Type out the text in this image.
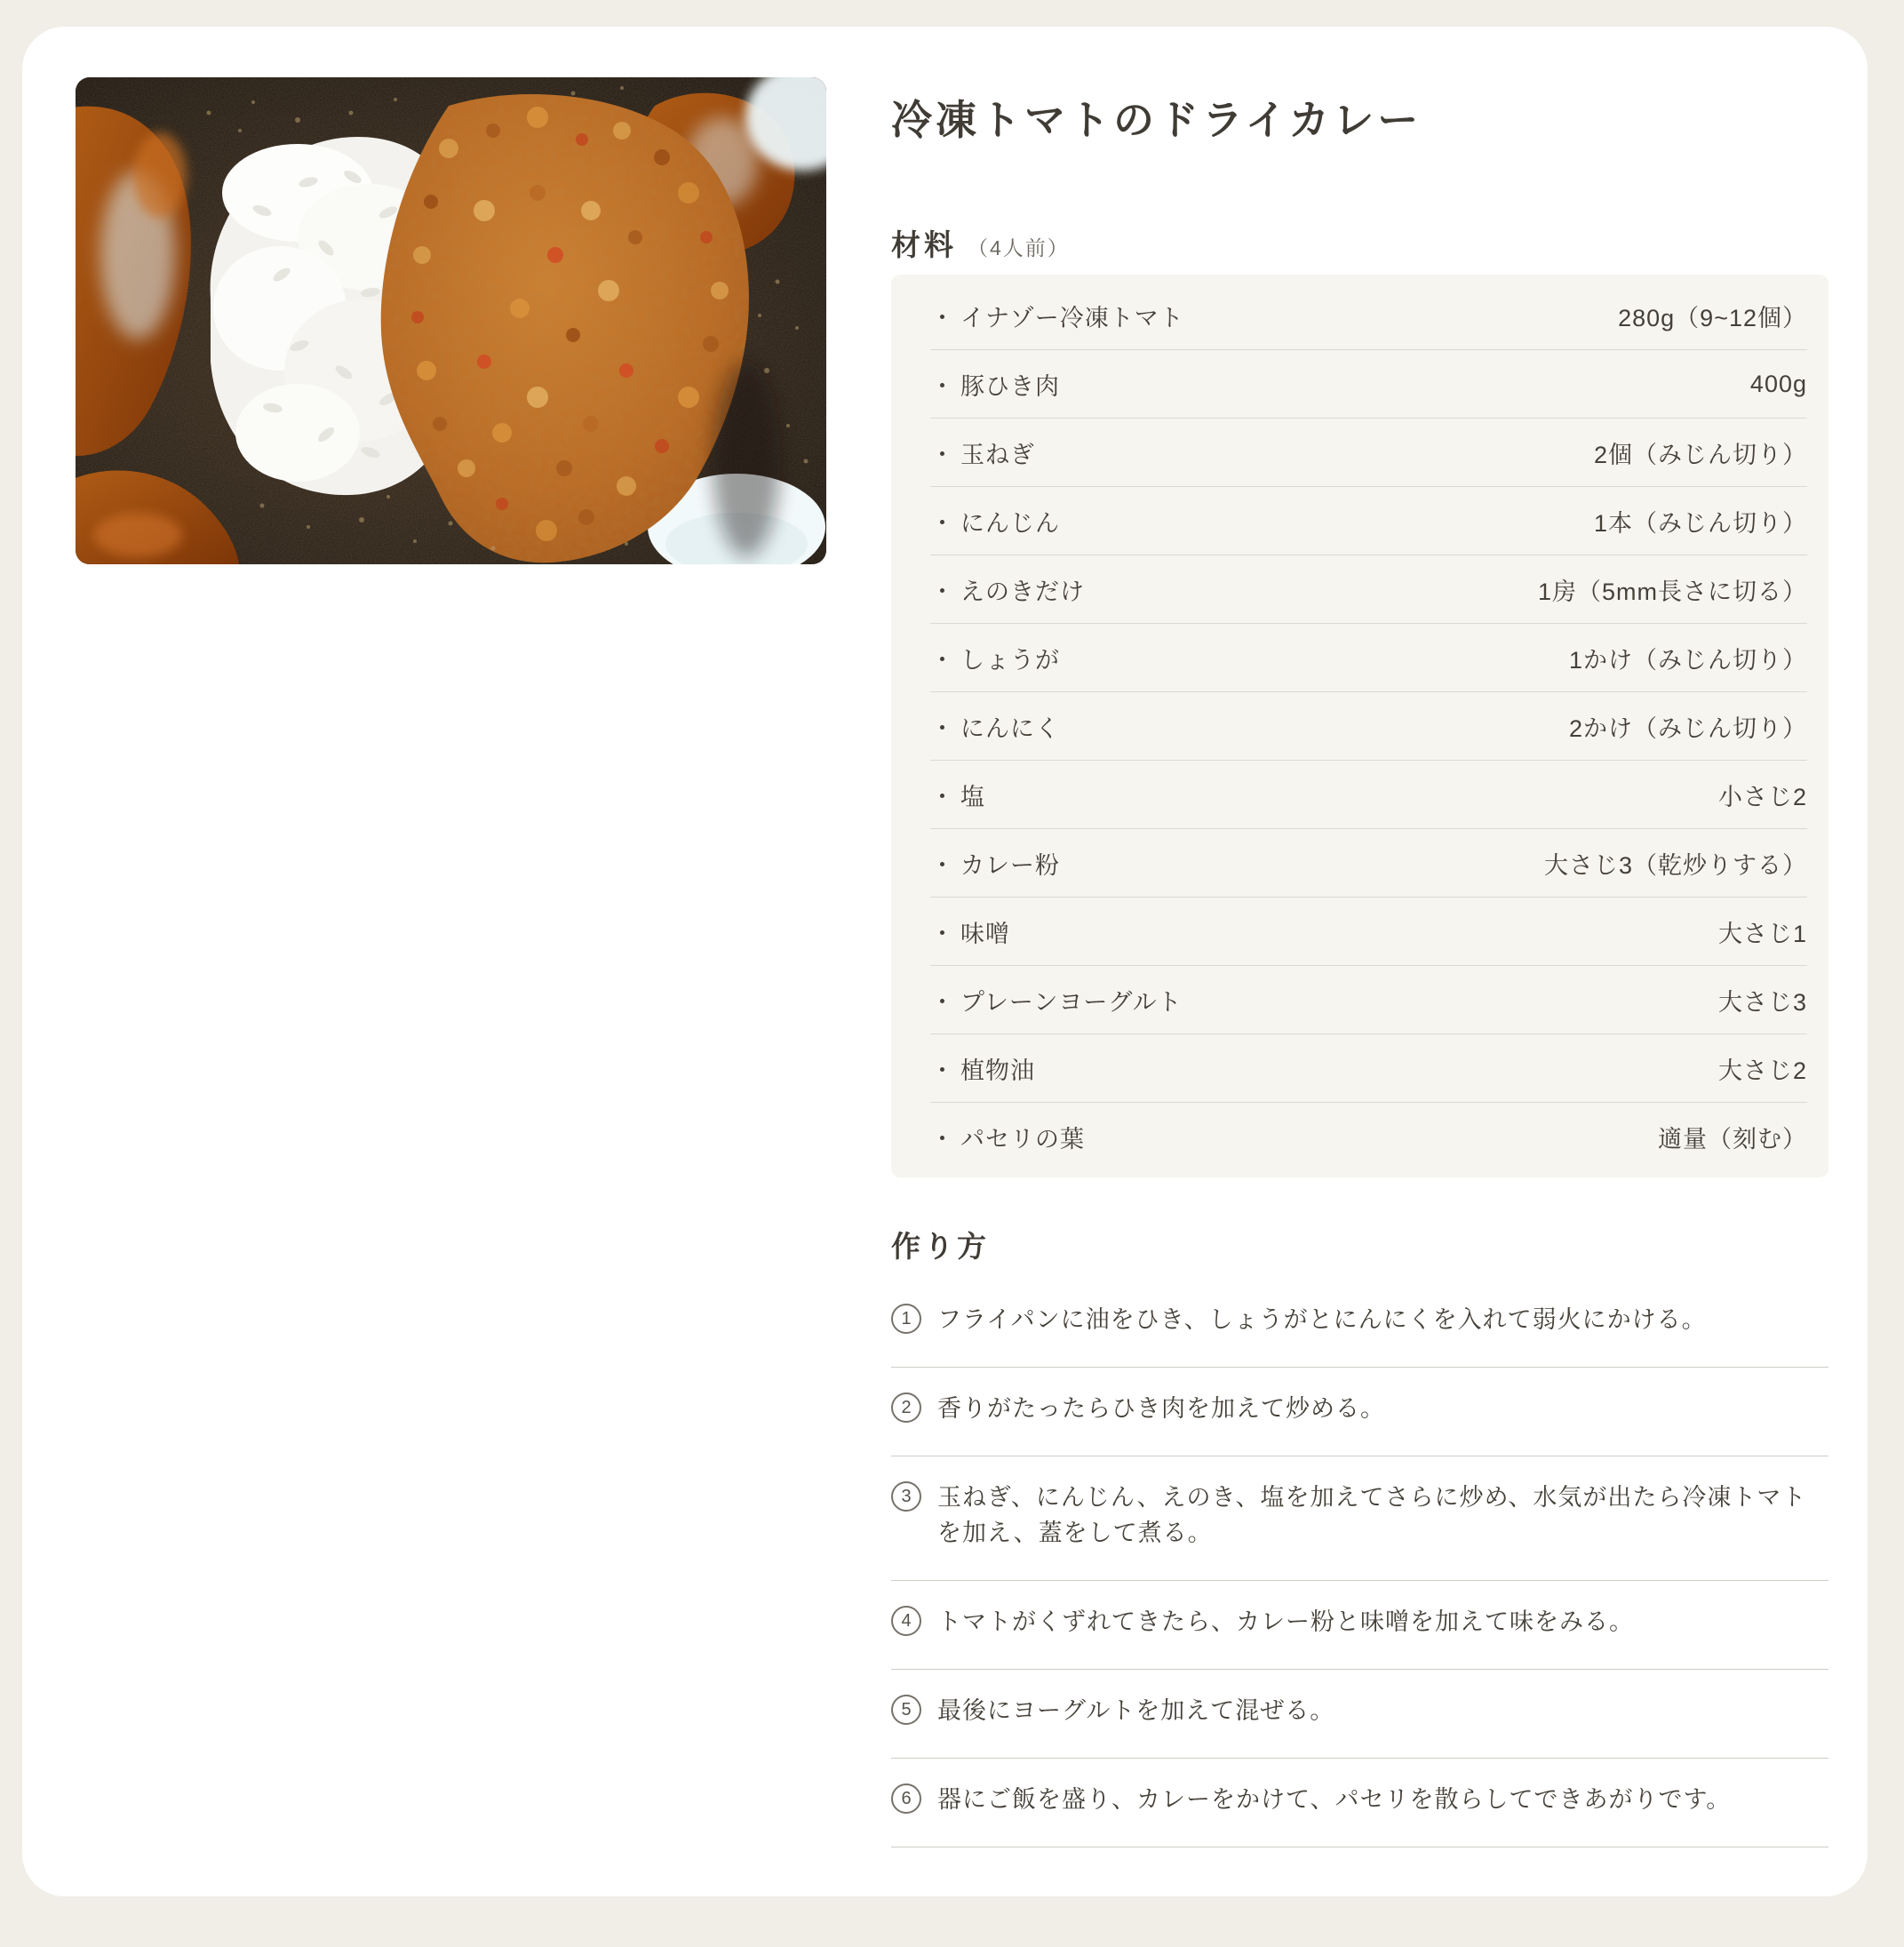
冷凍トマトのドライカレー
材料 （4人前）
・ イナゾー冷凍トマト	280g（9~12個）
・ 豚ひき肉	400g
・ 玉ねぎ	2個（みじん切り）
・ にんじん	1本（みじん切り）
・ えのきだけ	1房（5mm長さに切る）
・ しょうが	1かけ（みじん切り）
・ にんにく	2かけ（みじん切り）
・ 塩	小さじ2
・ カレー粉	大さじ3（乾炒りする）
・ 味噌	大さじ1
・ プレーンヨーグルト	大さじ3
・ 植物油	大さじ2
・ パセリの葉	適量（刻む）
作り方
1	フライパンに油をひき、しょうがとにんにくを入れて弱火にかける。
2	香りがたったらひき肉を加えて炒める。
3	玉ねぎ、にんじん、えのき、塩を加えてさらに炒め、水気が出たら冷凍トマトを加え、蓋をして煮る。
4	トマトがくずれてきたら、カレー粉と味噌を加えて味をみる。
5	最後にヨーグルトを加えて混ぜる。
6	器にご飯を盛り、カレーをかけて、パセリを散らしてできあがりです。
